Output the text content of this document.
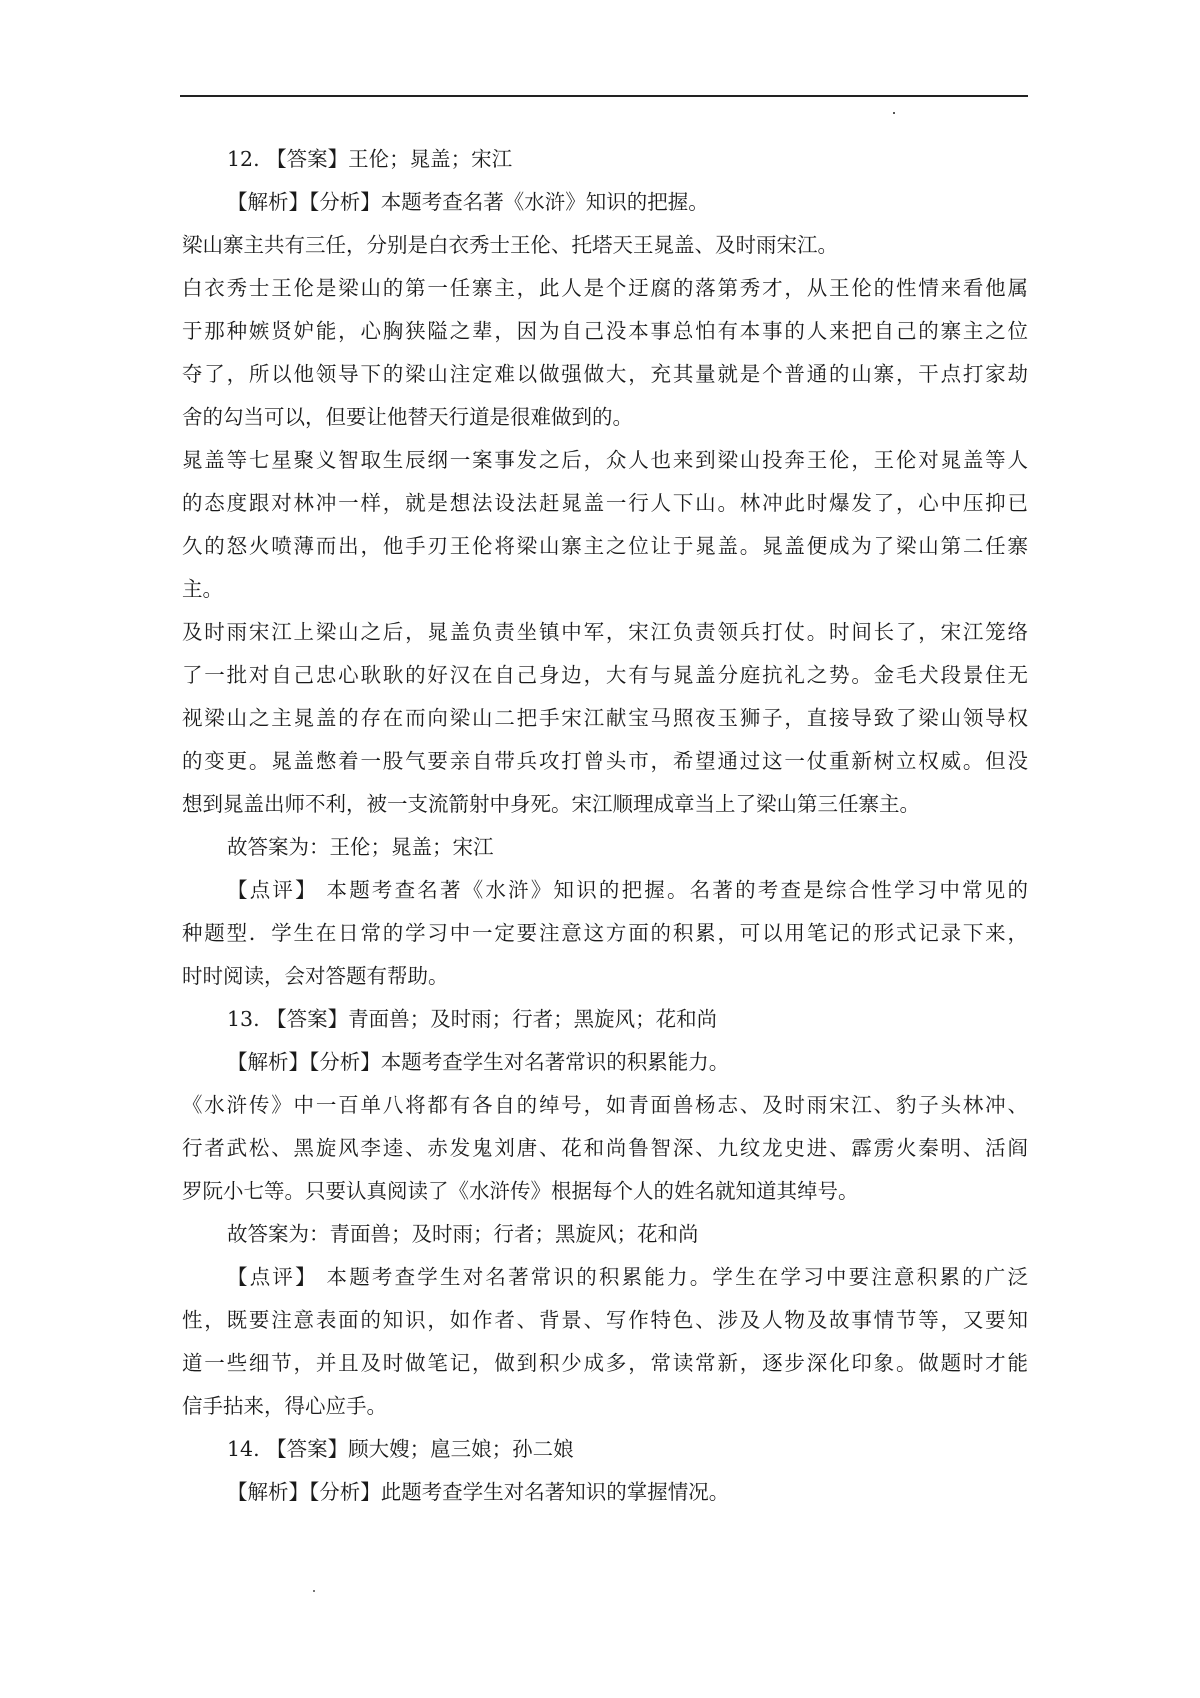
12. 【答案】王伦；晁盖；宋江
【解析】【分析】本题考查名著《水浒》知识的把握。
梁山寨主共有三任，分别是白衣秀士王伦、托塔天王晁盖、及时雨宋江。
白衣秀士王伦是梁山的第一任寨主，此人是个迂腐的落第秀才，从王伦的性情来看他属
于那种嫉贤妒能，心胸狭隘之辈，因为自己没本事总怕有本事的人来把自己的寨主之位
夺了，所以他领导下的梁山注定难以做强做大，充其量就是个普通的山寨，干点打家劫
舍的勾当可以，但要让他替天行道是很难做到的。
晁盖等七星聚义智取生辰纲一案事发之后，众人也来到梁山投奔王伦，王伦对晁盖等人
的态度跟对林冲一样，就是想法设法赶晁盖一行人下山。林冲此时爆发了，心中压抑已
久的怒火喷薄而出，他手刃王伦将梁山寨主之位让于晁盖。晁盖便成为了梁山第二任寨
主。
及时雨宋江上梁山之后，晁盖负责坐镇中军，宋江负责领兵打仗。时间长了，宋江笼络
了一批对自己忠心耿耿的好汉在自己身边，大有与晁盖分庭抗礼之势。金毛犬段景住无
视梁山之主晁盖的存在而向梁山二把手宋江献宝马照夜玉狮子，直接导致了梁山领导权
的变更。晁盖憋着一股气要亲自带兵攻打曾头市，希望通过这一仗重新树立权威。但没
想到晁盖出师不利，被一支流箭射中身死。宋江顺理成章当上了梁山第三任寨主。
故答案为：王伦；晁盖；宋江
【点评】 本题考查名著《水浒》知识的把握。名著的考查是综合性学习中常见的
种题型．学生在日常的学习中一定要注意这方面的积累，可以用笔记的形式记录下来，
时时阅读，会对答题有帮助。
13. 【答案】青面兽；及时雨；行者；黑旋风；花和尚
【解析】【分析】本题考查学生对名著常识的积累能力。
《水浒传》中一百单八将都有各自的绰号，如青面兽杨志、及时雨宋江、豹子头林冲、
行者武松、黑旋风李逵、赤发鬼刘唐、花和尚鲁智深、九纹龙史进、霹雳火秦明、活阎
罗阮小七等。只要认真阅读了《水浒传》根据每个人的姓名就知道其绰号。
故答案为：青面兽；及时雨；行者；黑旋风；花和尚
【点评】 本题考查学生对名著常识的积累能力。学生在学习中要注意积累的广泛
性，既要注意表面的知识，如作者、背景、写作特色、涉及人物及故事情节等，又要知
道一些细节，并且及时做笔记，做到积少成多，常读常新，逐步深化印象。做题时才能
信手拈来，得心应手。
14. 【答案】顾大嫂；扈三娘；孙二娘
【解析】【分析】此题考查学生对名著知识的掌握情况。
